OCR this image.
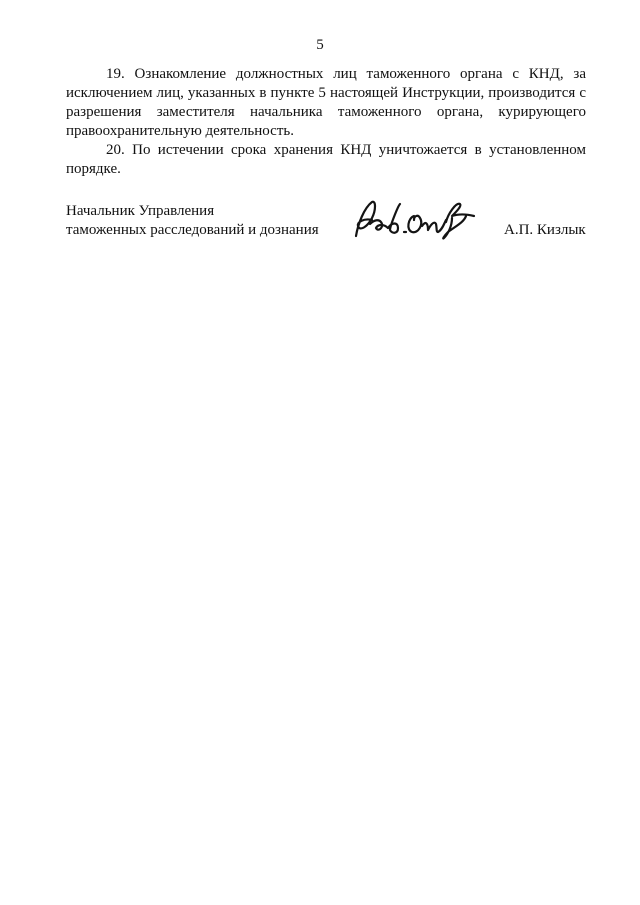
5

19. Ознакомление должностных лиц таможенного органа с КНД, за исключением лиц, указанных в пункте 5 настоящей Инструкции, производится с разрешения заместителя начальника таможенного органа, курирующего правоохранительную деятельность.

20. По истечении срока хранения КНД уничтожается в установленном порядке.

Начальник Управления
таможенных расследований и дознания	А.П. Кизлык
